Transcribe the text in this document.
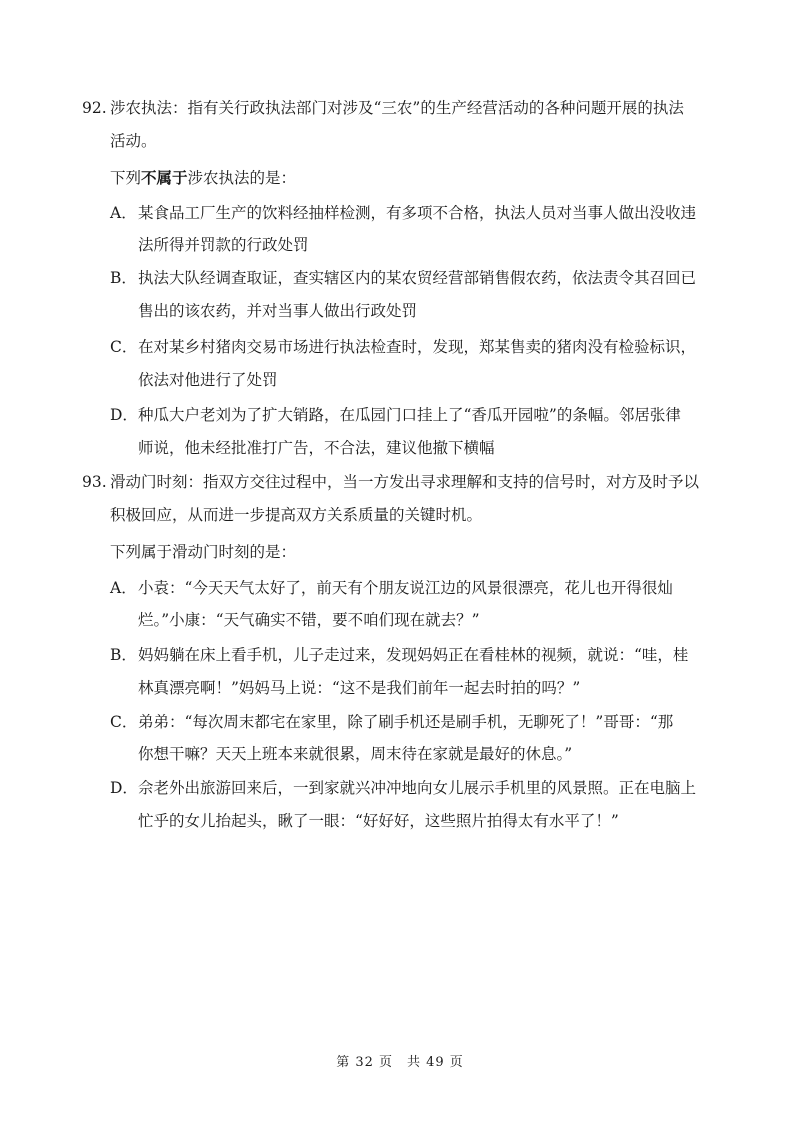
92. 涉农执法：指有关行政执法部门对涉及“三农”的生产经营活动的各种问题开展的执法
活动。
下列不属于涉农执法的是：
A． 某食品工厂生产的饮料经抽样检测，有多项不合格，执法人员对当事人做出没收违
法所得并罚款的行政处罚
B． 执法大队经调查取证，查实辖区内的某农贸经营部销售假农药，依法责令其召回已
售出的该农药，并对当事人做出行政处罚
C． 在对某乡村猪肉交易市场进行执法检查时，发现，郑某售卖的猪肉没有检验标识，
依法对他进行了处罚
D． 种瓜大户老刘为了扩大销路，在瓜园门口挂上了“香瓜开园啦”的条幅。邻居张律
师说，他未经批准打广告，不合法，建议他撤下横幅
93. 滑动门时刻：指双方交往过程中，当一方发出寻求理解和支持的信号时，对方及时予以
积极回应，从而进一步提高双方关系质量的关键时机。
下列属于滑动门时刻的是：
A． 小袁：“今天天气太好了，前天有个朋友说江边的风景很漂亮，花儿也开得很灿
烂。”小康：“天气确实不错，要不咱们现在就去？”
B． 妈妈躺在床上看手机，儿子走过来，发现妈妈正在看桂林的视频，就说：“哇，桂
林真漂亮啊！”妈妈马上说：“这不是我们前年一起去时拍的吗？”
C． 弟弟：“每次周末都宅在家里，除了刷手机还是刷手机，无聊死了！”哥哥：“那
你想干嘛？天天上班本来就很累，周末待在家就是最好的休息。”
D． 佘老外出旅游回来后，一到家就兴冲冲地向女儿展示手机里的风景照。正在电脑上
忙乎的女儿抬起头，瞅了一眼：“好好好，这些照片拍得太有水平了！”
第 32 页　共 49 页
